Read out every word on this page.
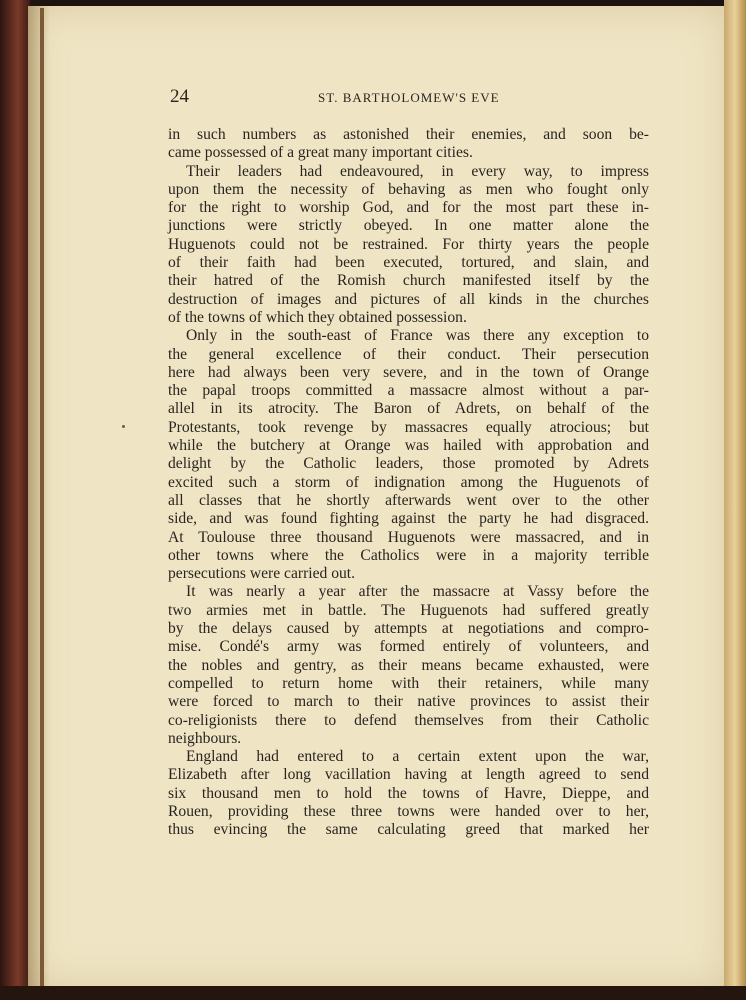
24	ST. BARTHOLOMEW'S EVE
in such numbers as astonished their enemies, and soon be-
came possessed of a great many important cities.
Their leaders had endeavoured, in every way, to impress
upon them the necessity of behaving as men who fought only
for the right to worship God, and for the most part these in-
junctions were strictly obeyed. In one matter alone the
Huguenots could not be restrained. For thirty years the people
of their faith had been executed, tortured, and slain, and
their hatred of the Romish church manifested itself by the
destruction of images and pictures of all kinds in the churches
of the towns of which they obtained possession.
Only in the south-east of France was there any exception to
the general excellence of their conduct. Their persecution
here had always been very severe, and in the town of Orange
the papal troops committed a massacre almost without a par-
allel in its atrocity. The Baron of Adrets, on behalf of the
Protestants, took revenge by massacres equally atrocious; but
while the butchery at Orange was hailed with approbation and
delight by the Catholic leaders, those promoted by Adrets
excited such a storm of indignation among the Huguenots of
all classes that he shortly afterwards went over to the other
side, and was found fighting against the party he had disgraced.
At Toulouse three thousand Huguenots were massacred, and in
other towns where the Catholics were in a majority terrible
persecutions were carried out.
It was nearly a year after the massacre at Vassy before the
two armies met in battle. The Huguenots had suffered greatly
by the delays caused by attempts at negotiations and compro-
mise. Condé's army was formed entirely of volunteers, and
the nobles and gentry, as their means became exhausted, were
compelled to return home with their retainers, while many
were forced to march to their native provinces to assist their
co-religionists there to defend themselves from their Catholic
neighbours.
England had entered to a certain extent upon the war,
Elizabeth after long vacillation having at length agreed to send
six thousand men to hold the towns of Havre, Dieppe, and
Rouen, providing these three towns were handed over to her,
thus evincing the same calculating greed that marked her
